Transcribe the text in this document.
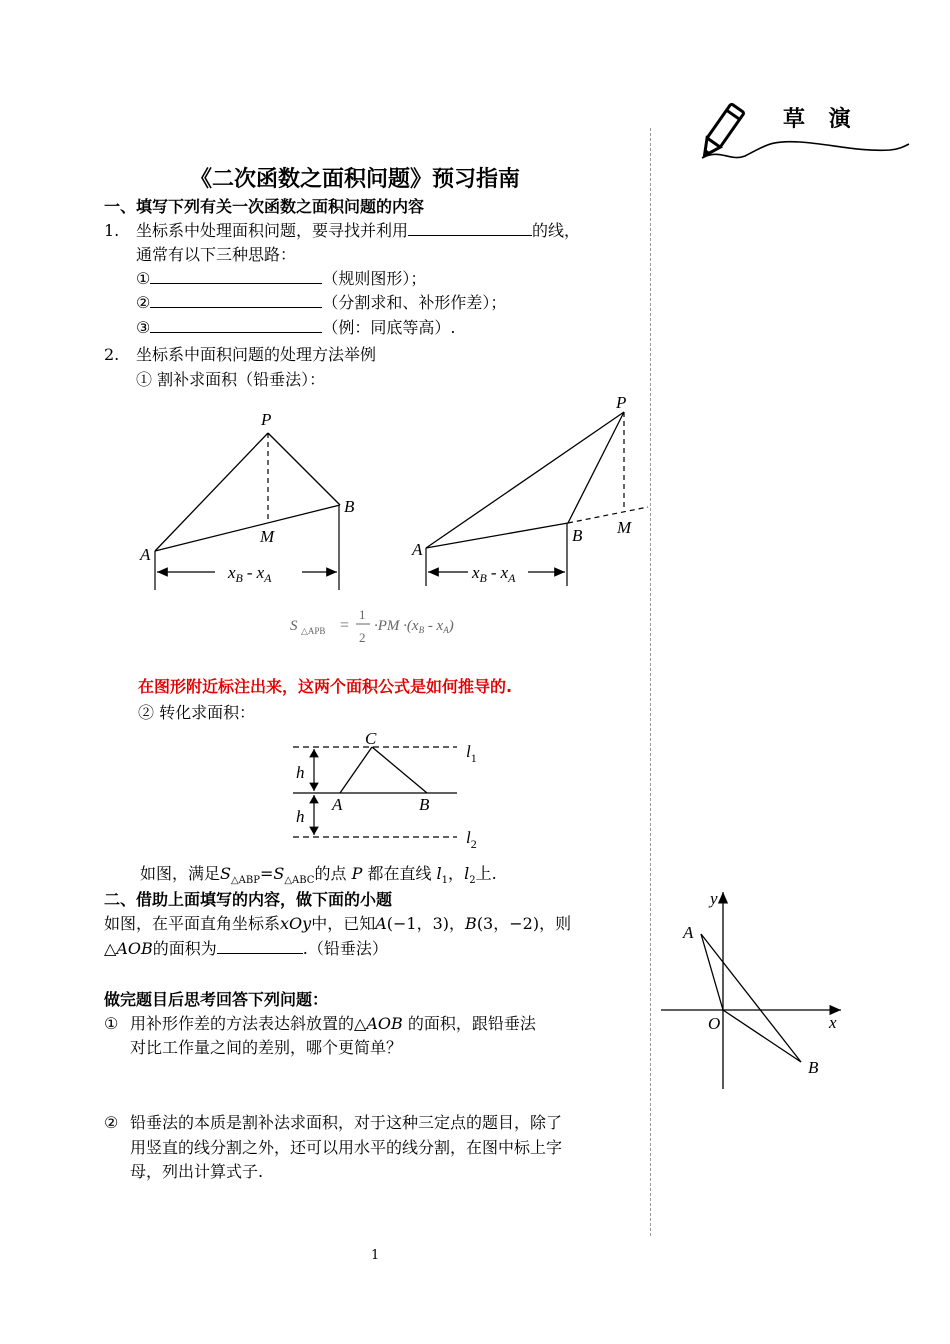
草 演
《二次函数之面积问题》预习指南
一、填写下列有关一次函数之面积问题的内容
1. 坐标系中处理面积问题，要寻找并利用	的线，
通常有以下三种思路：
①	（规则图形）；
②	（分割求和、补形作差）；
③	（例：同底等高）.
2. 坐标系中面积问题的处理方法举例
① 割补求面积（铅垂法）：
P
A
B
M
$x_B - x_A$
P
A
B M
$x_B - x_A$
S △APB =
1
2
$\cdot PM \cdot(x_B - x_A)$
在图形附近标注出来，这两个面积公式是如何推导的.
② 转化求面积：
C
A	B
h
h
$l_1$
$l_2$
如图，满足$S_{\triangle ABP}=S_{\triangle ABC}$的点 P 都在直线 $l_1$，$l_2$上.
二、借助上面填写的内容，做下面的小题
如图，在平面直角坐标系xOy中，已知A(−1，3)，B(3，−2)，则
△AOB的面积为	.（铅垂法）
做完题目后思考回答下列问题：
① 用补形作差的方法表达斜放置的△AOB 的面积，跟铅垂法
对比工作量之间的差别，哪个更简单？
② 铅垂法的本质是割补法求面积，对于这种三定点的题目，除了
用竖直的线分割之外，还可以用水平的线分割，在图中标上字
母，列出计算式子.
y
x
O
A
B
1
